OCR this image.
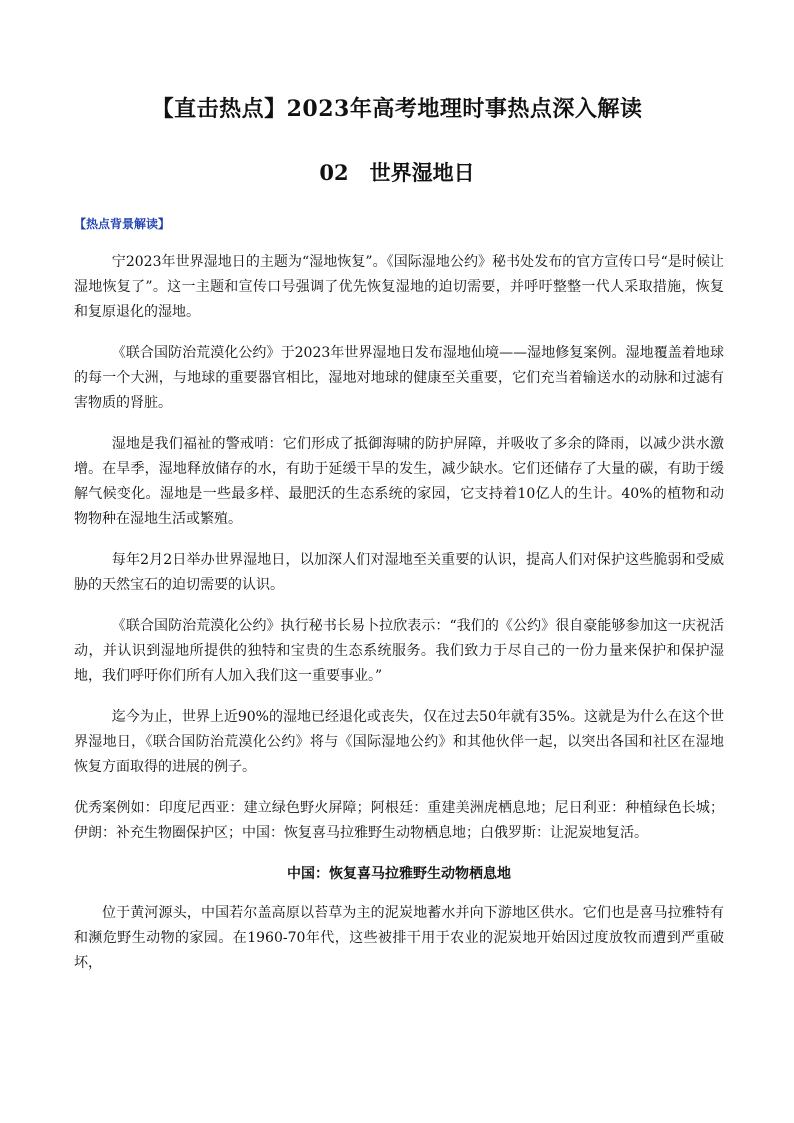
【直击热点】2023年高考地理时事热点深入解读
02　世界湿地日
【热点背景解读】

宁2023年世界湿地日的主题为“湿地恢复”。《国际湿地公约》秘书处发布的官方宣传口号“是时候让湿地恢复了”。这一主题和宣传口号强调了优先恢复湿地的迫切需要，并呼吁整整一代人采取措施，恢复和复原退化的湿地。

《联合国防治荒漠化公约》于2023年世界湿地日发布湿地仙境——湿地修复案例。湿地覆盖着地球的每一个大洲，与地球的重要器官相比，湿地对地球的健康至关重要，它们充当着输送水的动脉和过滤有害物质的肾脏。

湿地是我们福祉的警戒哨：它们形成了抵御海啸的防护屏障，并吸收了多余的降雨，以减少洪水激增。在旱季，湿地释放储存的水，有助于延缓干旱的发生，减少缺水。它们还储存了大量的碳，有助于缓解气候变化。湿地是一些最多样、最肥沃的生态系统的家园，它支持着10亿人的生计。40%的植物和动物物种在湿地生活或繁殖。

每年2月2日举办世界湿地日，以加深人们对湿地至关重要的认识，提高人们对保护这些脆弱和受威胁的天然宝石的迫切需要的认识。

《联合国防治荒漠化公约》执行秘书长易卜拉欣表示：“我们的《公约》很自豪能够参加这一庆祝活动，并认识到湿地所提供的独特和宝贵的生态系统服务。我们致力于尽自己的一份力量来保护和保护湿地，我们呼吁你们所有人加入我们这一重要事业。”

迄今为止，世界上近90%的湿地已经退化或丧失，仅在过去50年就有35%。这就是为什么在这个世界湿地日，《联合国防治荒漠化公约》将与《国际湿地公约》和其他伙伴一起，以突出各国和社区在湿地恢复方面取得的进展的例子。

优秀案例如：印度尼西亚：建立绿色野火屏障；阿根廷：重建美洲虎栖息地；尼日利亚：种植绿色长城；伊朗：补充生物圈保护区；中国：恢复喜马拉雅野生动物栖息地；白俄罗斯：让泥炭地复活。

中国：恢复喜马拉雅野生动物栖息地

位于黄河源头，中国若尔盖高原以苔草为主的泥炭地蓄水并向下游地区供水。它们也是喜马拉雅特有和濒危野生动物的家园。在1960-70年代，这些被排干用于农业的泥炭地开始因过度放牧而遭到严重破坏，
